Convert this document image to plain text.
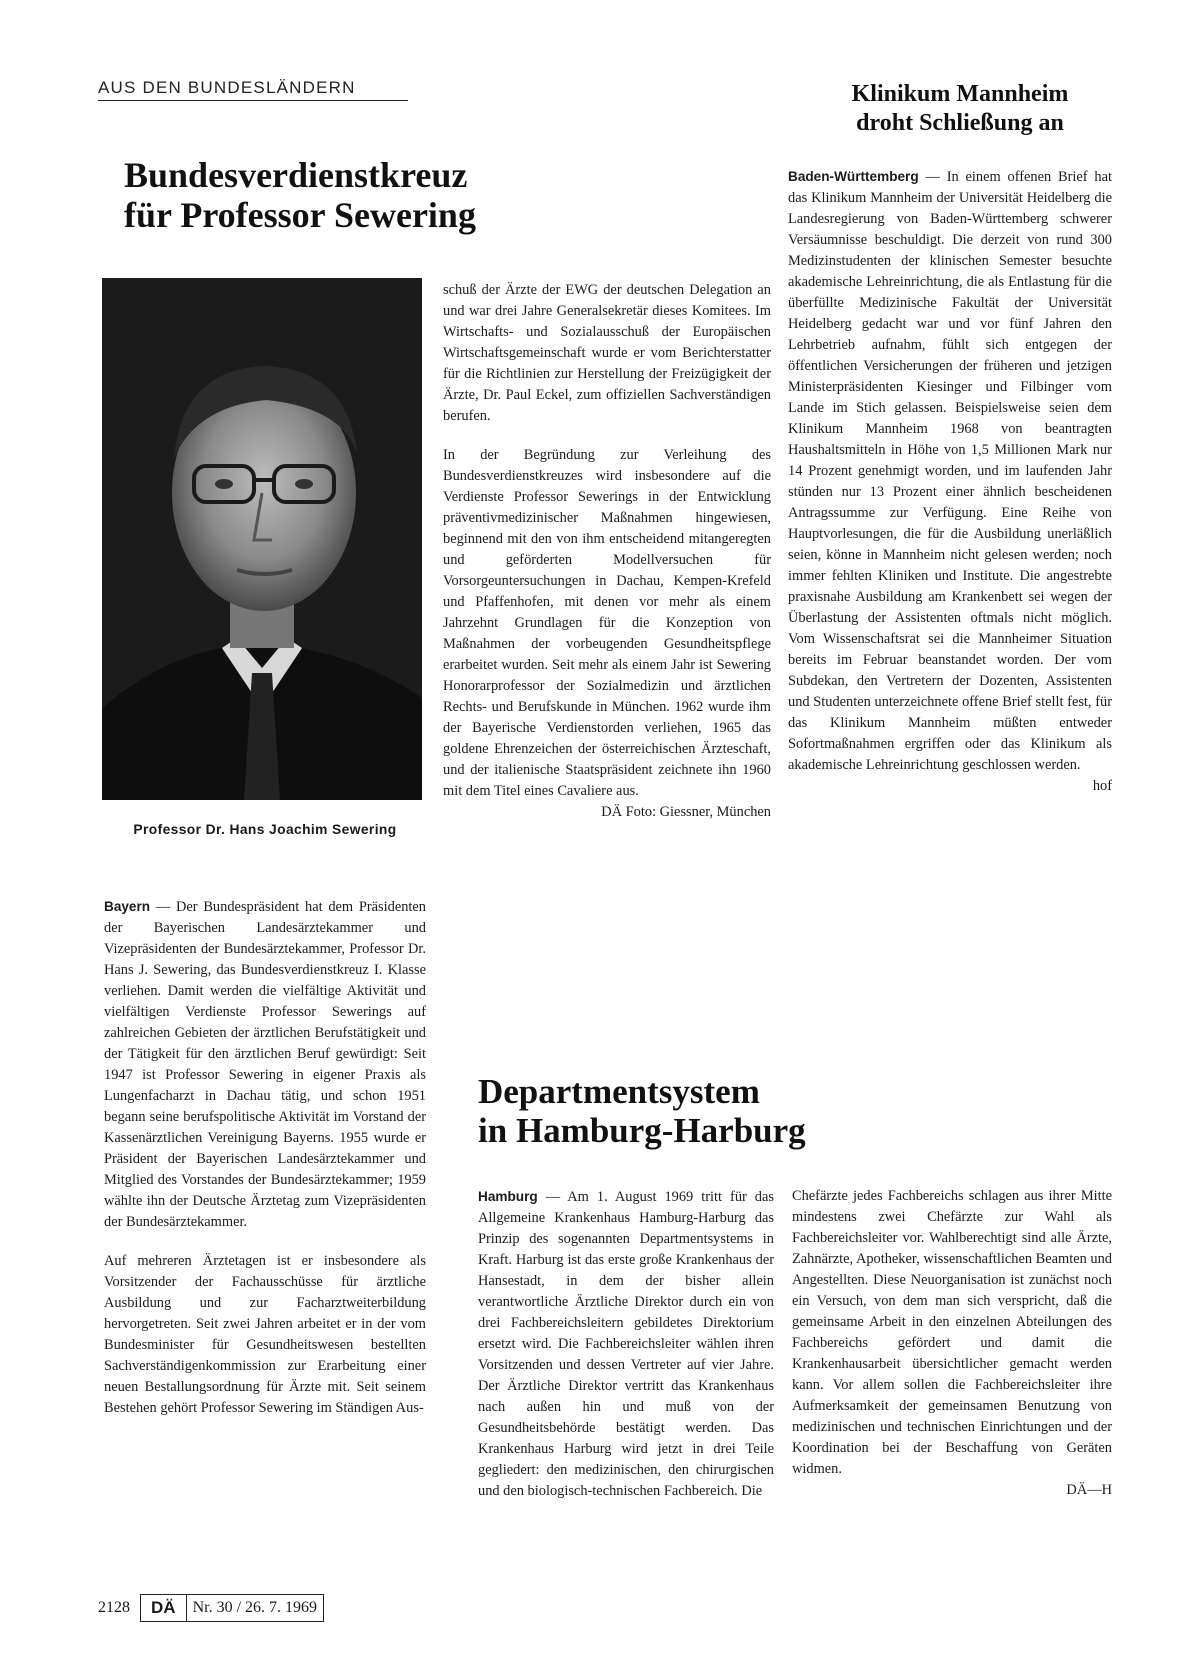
AUS DEN BUNDESLÄNDERN
Bundesverdienstkreuz
für Professor Sewering
Professor Dr. Hans Joachim Sewering

Bayern — Der Bundespräsident hat dem Präsidenten der Bayerischen Landesärztekammer und Vizepräsidenten der Bundesärztekammer, Professor Dr. Hans J. Sewering, das Bundesverdienstkreuz I. Klasse verliehen. Damit werden die vielfältige Aktivität und vielfältigen Verdienste Professor Sewerings auf zahlreichen Gebieten der ärztlichen Berufstätigkeit und der Tätigkeit für den ärztlichen Beruf gewürdigt: Seit 1947 ist Professor Sewering in eigener Praxis als Lungenfacharzt in Dachau tätig, und schon 1951 begann seine berufspolitische Aktivität im Vorstand der Kassenärztlichen Vereinigung Bayerns. 1955 wurde er Präsident der Bayerischen Landesärztekammer und Mitglied des Vorstandes der Bundesärztekammer; 1959 wählte ihn der Deutsche Ärztetag zum Vizepräsidenten der Bundesärztekammer.

Auf mehreren Ärztetagen ist er insbesondere als Vorsitzender der Fachausschüsse für ärztliche Ausbildung und zur Facharztweiterbildung hervorgetreten. Seit zwei Jahren arbeitet er in der vom Bundesminister für Gesundheitswesen bestellten Sachverständigenkommission zur Erarbeitung einer neuen Bestallungsordnung für Ärzte mit. Seit seinem Bestehen gehört Professor Sewering im Ständigen Aus-

schuß der Ärzte der EWG der deutschen Delegation an und war drei Jahre Generalsekretär dieses Komitees. Im Wirtschafts- und Sozialausschuß der Europäischen Wirtschaftsgemeinschaft wurde er vom Berichterstatter für die Richtlinien zur Herstellung der Freizügigkeit der Ärzte, Dr. Paul Eckel, zum offiziellen Sachverständigen berufen.

In der Begründung zur Verleihung des Bundesverdienstkreuzes wird insbesondere auf die Verdienste Professor Sewerings in der Entwicklung präventivmedizinischer Maßnahmen hingewiesen, beginnend mit den von ihm entscheidend mitangeregten und geförderten Modellversuchen für Vorsorgeuntersuchungen in Dachau, Kempen-Krefeld und Pfaffenhofen, mit denen vor mehr als einem Jahrzehnt Grundlagen für die Konzeption von Maßnahmen der vorbeugenden Gesundheitspflege erarbeitet wurden. Seit mehr als einem Jahr ist Sewering Honorarprofessor der Sozialmedizin und ärztlichen Rechts- und Berufskunde in München. 1962 wurde ihm der Bayerische Verdienstorden verliehen, 1965 das goldene Ehrenzeichen der österreichischen Ärzteschaft, und der italienische Staatspräsident zeichnete ihn 1960 mit dem Titel eines Cavaliere aus.

DÄ Foto: Giessner, München

Klinikum Mannheim
droht Schließung an

Baden-Württemberg — In einem offenen Brief hat das Klinikum Mannheim der Universität Heidelberg die Landesregierung von Baden-Württemberg schwerer Versäumnisse beschuldigt. Die derzeit von rund 300 Medizinstudenten der klinischen Semester besuchte akademische Lehreinrichtung, die als Entlastung für die überfüllte Medizinische Fakultät der Universität Heidelberg gedacht war und vor fünf Jahren den Lehrbetrieb aufnahm, fühlt sich entgegen der öffentlichen Versicherungen der früheren und jetzigen Ministerpräsidenten Kiesinger und Filbinger vom Lande im Stich gelassen. Beispielsweise seien dem Klinikum Mannheim 1968 von beantragten Haushaltsmitteln in Höhe von 1,5 Millionen Mark nur 14 Prozent genehmigt worden, und im laufenden Jahr stünden nur 13 Prozent einer ähnlich bescheidenen Antragssumme zur Verfügung. Eine Reihe von Hauptvorlesungen, die für die Ausbildung unerläßlich seien, könne in Mannheim nicht gelesen werden; noch immer fehlten Kliniken und Institute. Die angestrebte praxisnahe Ausbildung am Krankenbett sei wegen der Überlastung der Assistenten oftmals nicht möglich. Vom Wissenschaftsrat sei die Mannheimer Situation bereits im Februar beanstandet worden. Der vom Subdekan, den Vertretern der Dozenten, Assistenten und Studenten unterzeichnete offene Brief stellt fest, für das Klinikum Mannheim müßten entweder Sofortmaßnahmen ergriffen oder das Klinikum als akademische Lehreinrichtung geschlossen werden.
hof

Departmentsystem
in Hamburg-Harburg

Hamburg — Am 1. August 1969 tritt für das Allgemeine Krankenhaus Hamburg-Harburg das Prinzip des sogenannten Departmentsystems in Kraft. Harburg ist das erste große Krankenhaus der Hansestadt, in dem der bisher allein verantwortliche Ärztliche Direktor durch ein von drei Fachbereichsleitern gebildetes Direktorium ersetzt wird. Die Fachbereichsleiter wählen ihren Vorsitzenden und dessen Vertreter auf vier Jahre. Der Ärztliche Direktor vertritt das Krankenhaus nach außen hin und muß von der Gesundheitsbehörde bestätigt werden. Das Krankenhaus Harburg wird jetzt in drei Teile gegliedert: den medizinischen, den chirurgischen und den biologisch-technischen Fachbereich. Die

Chefärzte jedes Fachbereichs schlagen aus ihrer Mitte mindestens zwei Chefärzte zur Wahl als Fachbereichsleiter vor. Wahlberechtigt sind alle Ärzte, Zahnärzte, Apotheker, wissenschaftlichen Beamten und Angestellten. Diese Neuorganisation ist zunächst noch ein Versuch, von dem man sich verspricht, daß die gemeinsame Arbeit in den einzelnen Abteilungen des Fachbereichs gefördert und damit die Krankenhausarbeit übersichtlicher gemacht werden kann. Vor allem sollen die Fachbereichsleiter ihre Aufmerksamkeit der gemeinsamen Benutzung von medizinischen und technischen Einrichtungen und der Koordination bei der Beschaffung von Geräten widmen.

DÄ—H
2128	DÄ	Nr. 30 / 26. 7. 1969
